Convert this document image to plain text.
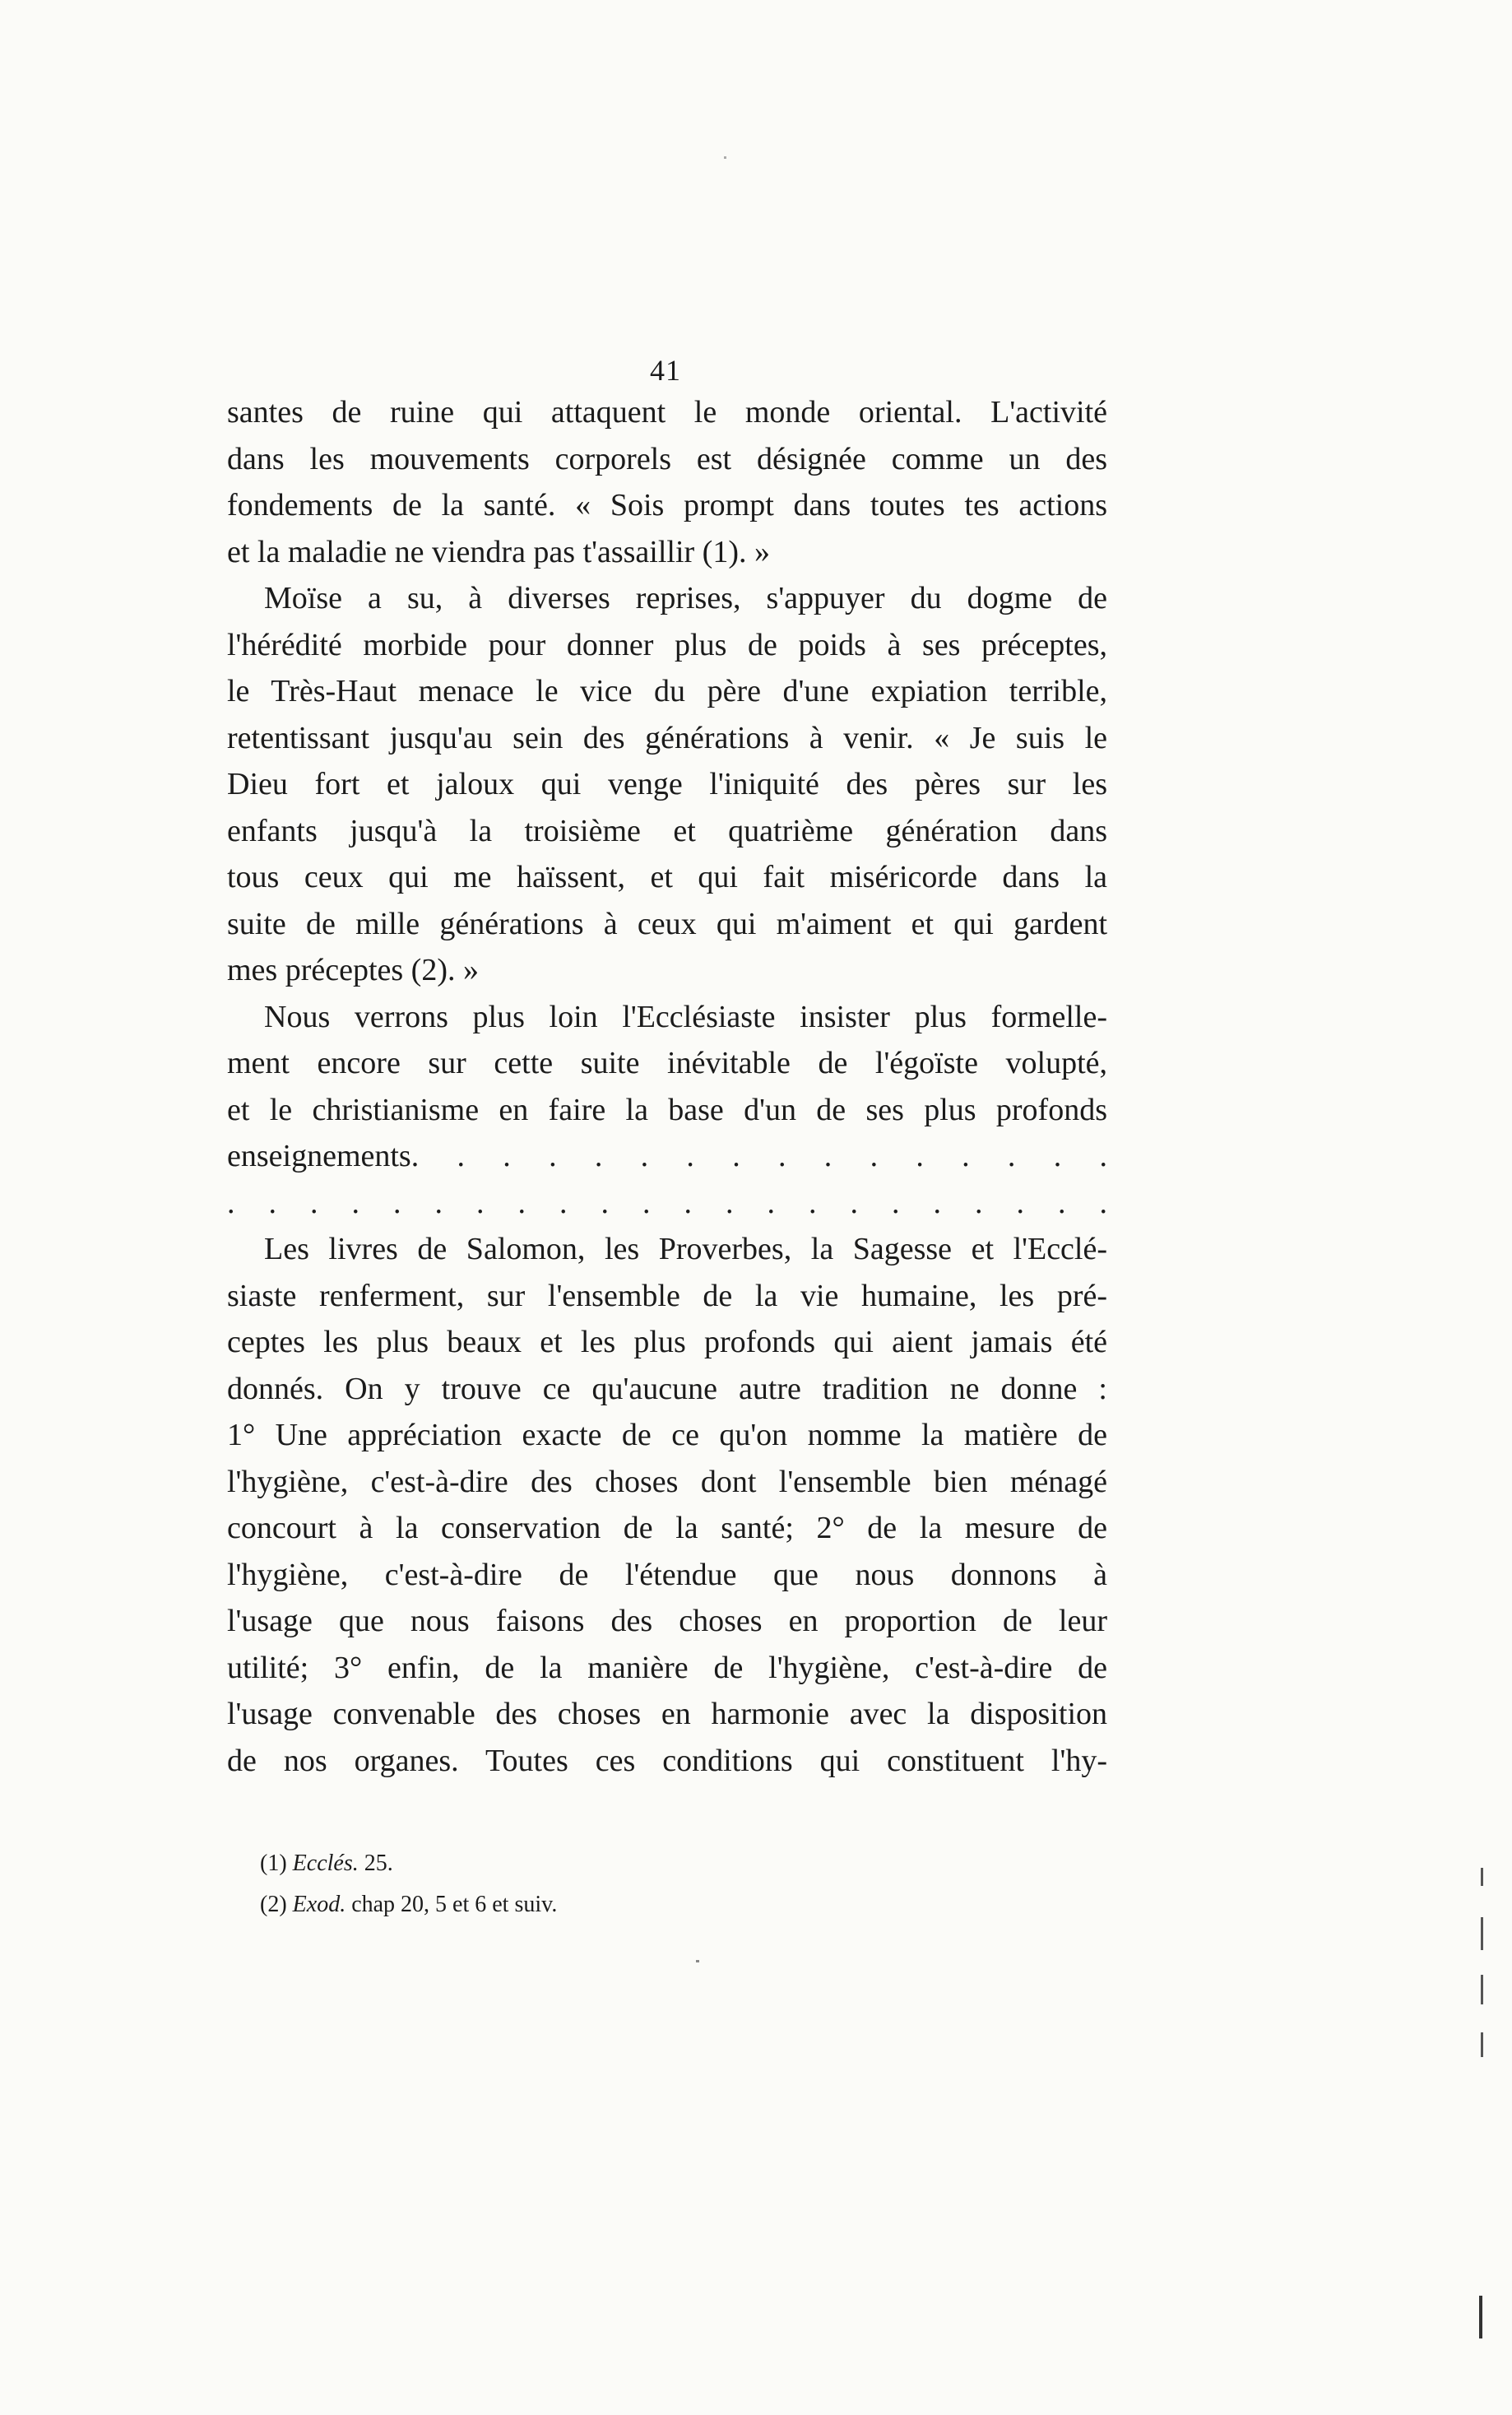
41
santes de ruine qui attaquent le monde oriental. L'activité
dans les mouvements corporels est désignée comme un des
fondements de la santé. « Sois prompt dans toutes tes actions
et la maladie ne viendra pas t'assaillir (1). »
Moïse a su, à diverses reprises, s'appuyer du dogme de
l'hérédité morbide pour donner plus de poids à ses préceptes,
le Très-Haut menace le vice du père d'une expiation terrible,
retentissant jusqu'au sein des générations à venir. « Je suis le
Dieu fort et jaloux qui venge l'iniquité des pères sur les
enfants jusqu'à la troisième et quatrième génération dans
tous ceux qui me haïssent, et qui fait miséricorde dans la
suite de mille générations à ceux qui m'aiment et qui gardent
mes préceptes (2). »
Nous verrons plus loin l'Ecclésiaste insister plus formelle-
ment encore sur cette suite inévitable de l'égoïste volupté,
et le christianisme en faire la base d'un de ses plus profonds
enseignements. . . . . . . . . . . . . . . .
. . . . . . . . . . . . . . . . . . . . . .
Les livres de Salomon, les Proverbes, la Sagesse et l'Ecclé-
siaste renferment, sur l'ensemble de la vie humaine, les pré-
ceptes les plus beaux et les plus profonds qui aient jamais été
donnés. On y trouve ce qu'aucune autre tradition ne donne :
1° Une appréciation exacte de ce qu'on nomme la matière de
l'hygiène, c'est-à-dire des choses dont l'ensemble bien ménagé
concourt à la conservation de la santé; 2° de la mesure de
l'hygiène, c'est-à-dire de l'étendue que nous donnons à
l'usage que nous faisons des choses en proportion de leur
utilité; 3° enfin, de la manière de l'hygiène, c'est-à-dire de
l'usage convenable des choses en harmonie avec la disposition
de nos organes. Toutes ces conditions qui constituent l'hy-
(1) Ecclés. 25.
(2) Exod. chap 20, 5 et 6 et suiv.
